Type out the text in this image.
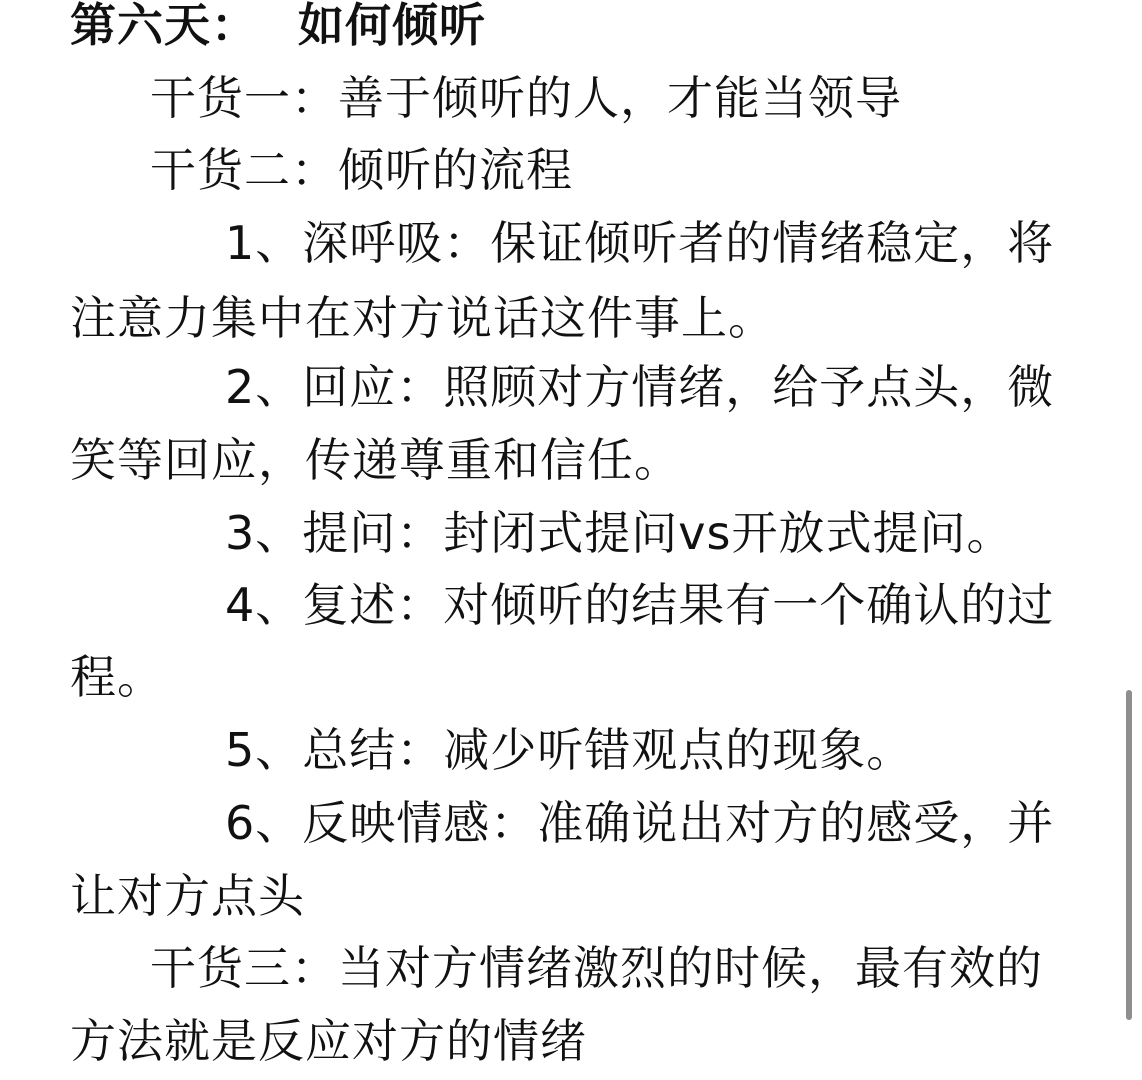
第六天： 如何倾听
干货一：善于倾听的人，才能当领导
干货二：倾听的流程
1、深呼吸：保证倾听者的情绪稳定，将
注意力集中在对方说话这件事上。
2、回应：照顾对方情绪，给予点头，微
笑等回应，传递尊重和信任。
3、提问：封闭式提问vs开放式提问。
4、复述：对倾听的结果有一个确认的过
程。
5、总结：减少听错观点的现象。
6、反映情感：准确说出对方的感受，并
让对方点头
干货三：当对方情绪激烈的时候，最有效的
方法就是反应对方的情绪
